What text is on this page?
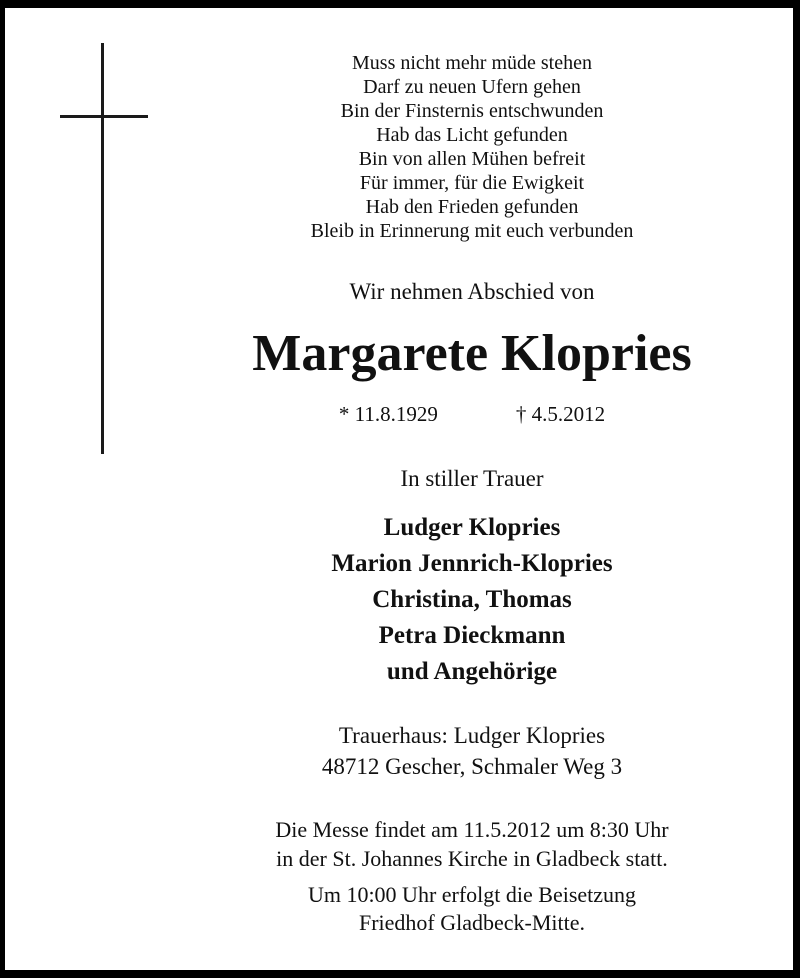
Muss nicht mehr müde stehen
Darf zu neuen Ufern gehen
Bin der Finsternis entschwunden
Hab das Licht gefunden
Bin von allen Mühen befreit
Für immer, für die Ewigkeit
Hab den Frieden gefunden
Bleib in Erinnerung mit euch verbunden
Wir nehmen Abschied von
Margarete Klopries
* 11.8.1929	† 4.5.2012
In stiller Trauer
Ludger Klopries
Marion Jennrich-Klopries
Christina, Thomas
Petra Dieckmann
und Angehörige
Trauerhaus: Ludger Klopries
48712 Gescher, Schmaler Weg 3
Die Messe findet am 11.5.2012 um 8:30 Uhr
in der St. Johannes Kirche in Gladbeck statt.
Um 10:00 Uhr erfolgt die Beisetzung
Friedhof Gladbeck-Mitte.
